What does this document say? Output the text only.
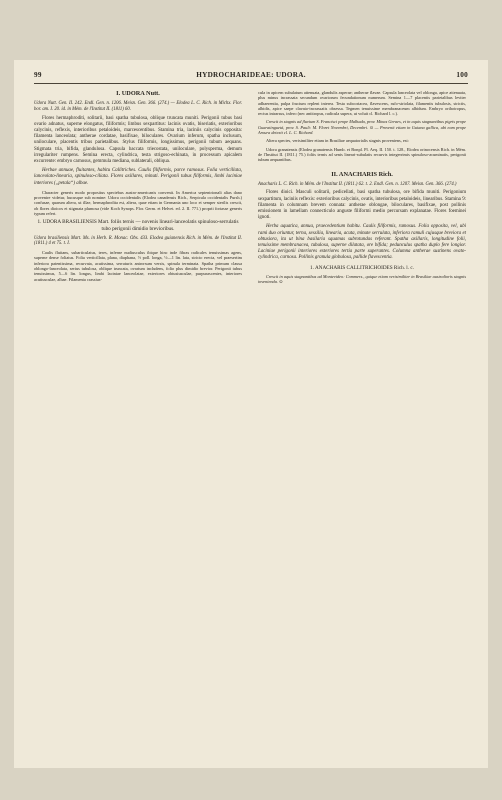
99	HYDROCHARIDEAE: UDORA.	100

I. UDORA Nutt.

Udora Nutt. Gen. II. 242. Endl. Gen. n. 1206. Meisn. Gen. 366. (274.) — Elodea L. C. Rich. in Michx. Flor. bor. am. I. 20. id. in Mém. de l'Institut II. (1811) 60.

Flores hermaphroditi, solitarii, basi spatha tubulosa, oblique truncata muniti. Perigonii tubus basi ovario adnatus, superne elongatus, filiformis; limbus sexpartitus: lacinis ovatis, biseriatis, exterioribus calycinis, reflexis, interioribus petaloideis, marcescentibus. Stamina tria, laciniis calycinis opposita: filamenta lanceolata; antherae cordatae, basifixae, biloculares. Ovarium inferum, spatha inclusum, uniloculare, placentis tribus parietalibus. Stylus filiformis, longissimus, perigonii tubum aequans. Stigmata tria, bifida, glandulosa. Capsula baccata triecostata, uniloculare, polysperma, demum irregulariter rumpens. Semina erecta, cylindrica, testa strigoso-echinata, in processum apicalem excurrente: embryo carnosus, gemmula mediana, sublaterali, obliqua.

Herbae annuae, fluitantes, habitu Callitriches. Caulis filiformis, parce ramosus. Folia verticillata, lanceolato-linearia, spinuloso-ciliata. Flores axillares, minuti. Perigonii tubus filiformis, limbi laciniae interiores („petala“) albae.

Character generis modo propositus speciebus austro-americanis convenit. In America septentrionali alias dano provenire videtur, hucusque sub nomine: Udora occidentalis (Elodea canadensis Rich., Serpicula occidentalis Pursh.) confusae, quarum altera, ut illae, hermaphrodita est, altera, quae etiam in Germania uno loco et semper sterilis crescit, ob flores dioicos et stigmata plumosa (vide Koch Synops. Flor. Germ. et Helvet. ed. 2. II. 771.) proprii fortasse generis typum refert.

1. UDORA BRASILIENSIS Mart. foliis ternis — novenis lineari-lanceolatis spinuloso-serrulatis tubo perigonii dimidio brevioribus.

Udora brasiliensis Mart. Ms. in Herb. R. Monac. Obs. 433. Elodea guianensis Rich. in Mém. de l'Institut II. (1811.) 4 et 75. t. I.

Caulis fluitans, subarticulatus, teres, inferne nudiusculus ibique hinc inde fibras radicales tenuissimas agens, superne dense foliatus. Folia verticillata, plana, diaphana, ½ poll. longa, ½—1 lin. lata, stricto erecta, vel praesertim inferiora patentissima, recurvata, acutissima, serraturis antrorsum versis, spinula terminata. Spatha primum clausa oblongo-lanceolata, serius tubulosa, oblique truncata, ovarium includens, folio plus dimidio brevior. Perigonii tubus tenuissimus, 5—6 lin. longus, limbi laciniae lanceolatae, exteriores obtusiusculae, purpurascentes, interiores acutiusculae, albae. Filamenta crassius-

cula in apicem subulatum attenuata, glandulis asperae; antherae flavae. Capsula lanceolata vel oblonga, apice attenuata, plus minus incrassata secundum ovariorum fecundationum numerum. Semina 1—7 placentis parietalibus leviter adhaerentia, pulpa fructum replent interea. Testa subcoriacea, flavescens, rufo-striolata, filamentis tubulosis, strictis, albidis, apice saepe clavato-incrassatis obsessa. Tegmen tenuissime membranaceum albidum. Embryo orthotropus, rectus intrarsus, infero (nec antitropus, radicula supera, ut voluit cl. Richard l. c.).

Crescit in stagnis ad fluvium S. Francisci prope Malhada, prov. Minas Geraes, et in aquis stagnantibus pigris prope Guaratinguetá, prov. S. Pauli: M. Floret Novembri, Decembri. ⊙ — Provenit etiam in Guiana gallica, ubi eam prope Aroura detexit cl. L. C. Richard.

Altera species, verisimiliter etiam in Brasiliae aequatorialis stagnis proveniens, est:

Udora granatensis (Elodea granatensis Humb. et Bonpl. Pl. Aeq. II. 150. t. 128., Elodea orinocensis Rich. in Mém. de l'Institut II. (1811.) 75.) foliis ternis ad senis lineari-subulatis recurvis integerrimis spinuloso-acuminatis, perigonii tubum aequantibus.

II. ANACHARIS Rich.

Anacharis L. C. Rich. in Mém. de l'Institut II. (1811.) 62. t. 2. Endl. Gen. n. 1207. Meisn. Gen. 366. (274.)

Flores dioici. Masculi solitarii, pedicellati, basi spatha tubulosa, ore bifida muniti. Perigonium sexpartitum, laciniis reflexis: exterioribus calycinis, ovatis, interioribus petaloideis, linearibus. Stamina 9: filamenta in columnam brevem connata: antherae oblongae, biloculares, basifixae, post pollinis emissionem in lamellam connecticulo anguste filiformi medio percursam explanatae. Flores foeminei ignoti.

Herba aquatica, annua, praecedentium habitu. Caulis filiformis, ramosus. Folia opposita, vel, ubi rami duo oriuntur, terna, sessilia, linearia, acuta, minute serrulata, inferiora ramuli cujusque breviora et obtusiora, ita ut bina basilaria squamas subrotundas referant. Spatha axillaris, longitudine folii, tenuissime membranacea, tubulosa, superne dilatata, ore bifida; pedunculus spatha duplo fere longior. Laciniae perigonii interiores exteriores tertia parte superantes. Columna antherae sustinens ovato-cylindrica, carnosa. Pollinis granula globulosa, pallide flavescentia.

1. ANACHARIS CALLITRICHOIDES Rich. l. c.

Crescit in aquis stagnantibus ad Montevideo: Commers., quique etiam verisimiliter in Brasiliae australioris stagnis invenienda. ⊙
